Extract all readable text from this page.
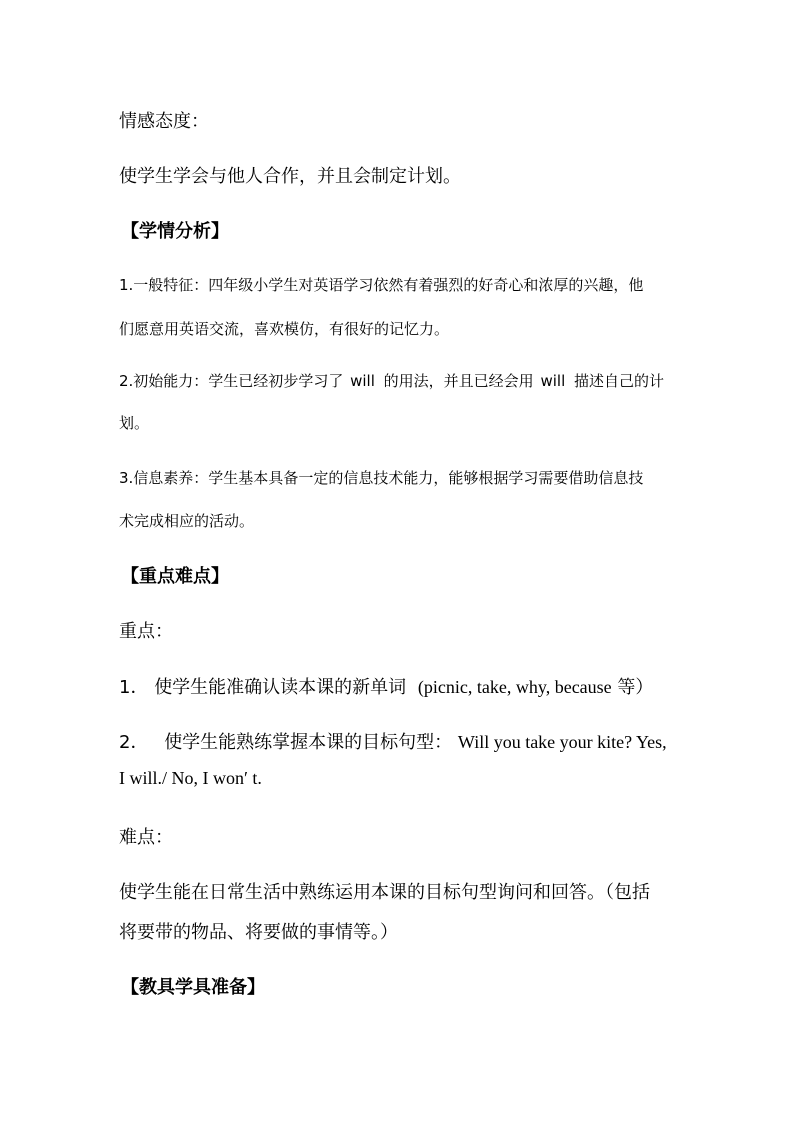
情感态度：
使学生学会与他人合作，并且会制定计划。
【学情分析】
1.一般特征：四年级小学生对英语学习依然有着强烈的好奇心和浓厚的兴趣，他
们愿意用英语交流，喜欢模仿，有很好的记忆力。
2.初始能力：学生已经初步学习了 will 的用法，并且已经会用 will 描述自己的计
划。
3.信息素养：学生基本具备一定的信息技术能力，能够根据学习需要借助信息技
术完成相应的活动。
【重点难点】
重点：
1． 使学生能准确认读本课的新单词 (picnic, take, why, because 等）
2． 使学生能熟练掌握本课的目标句型： Will you take your kite? Yes,
I will./ No, I won′ t.
难点：
使学生能在日常生活中熟练运用本课的目标句型询问和回答。（包括
将要带的物品、将要做的事情等。）
【教具学具准备】
